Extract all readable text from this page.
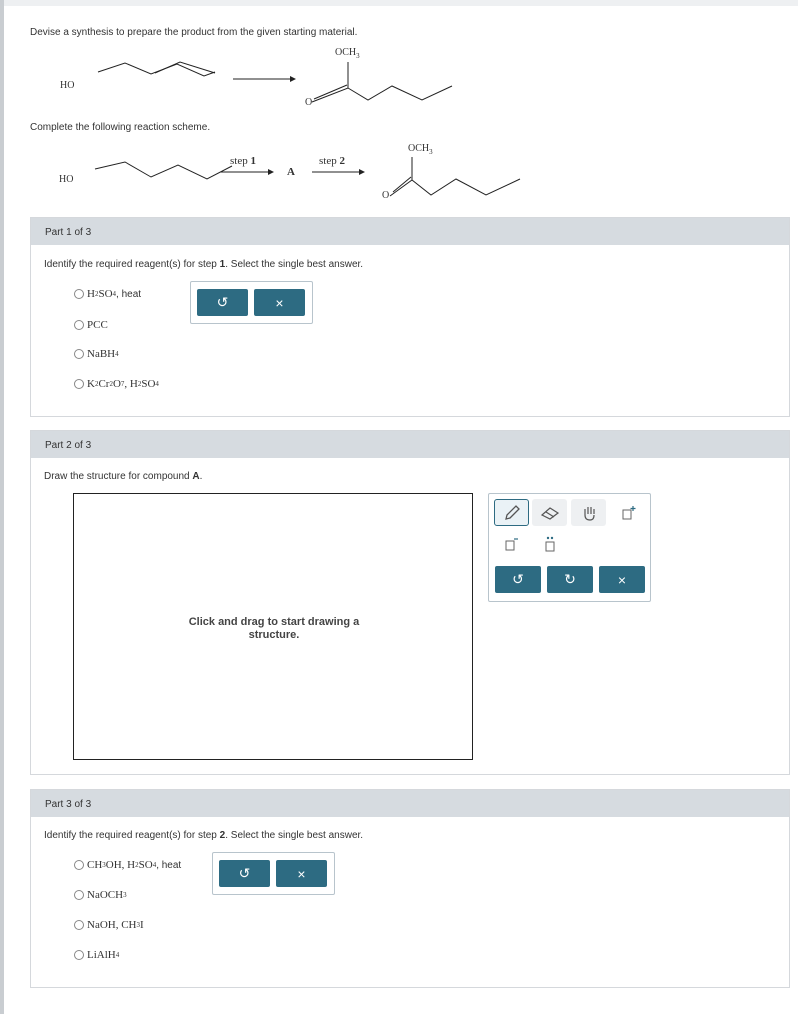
Devise a synthesis to prepare the product from the given starting material.
HO
$OCH_3$
O
Complete the following reaction scheme.
HO
step 1
A
step 2
$OCH_3$
O
Part 1 of 3
Identify the required reagent(s) for step 1. Select the single best answer.
H 2 SO 4 , heat
PCC
NaBH 4
K 2 Cr 2 O 7 , H 2 SO 4
↺	×
Part 2 of 3
Draw the structure for compound A.
Click and drag to start drawing a structure.
↺	↻	×
Part 3 of 3
Identify the required reagent(s) for step 2. Select the single best answer.
CH 3 OH, H 2 SO 4 , heat
NaOCH 3
NaOH, CH 3 I
LiAlH 4
↺	×
